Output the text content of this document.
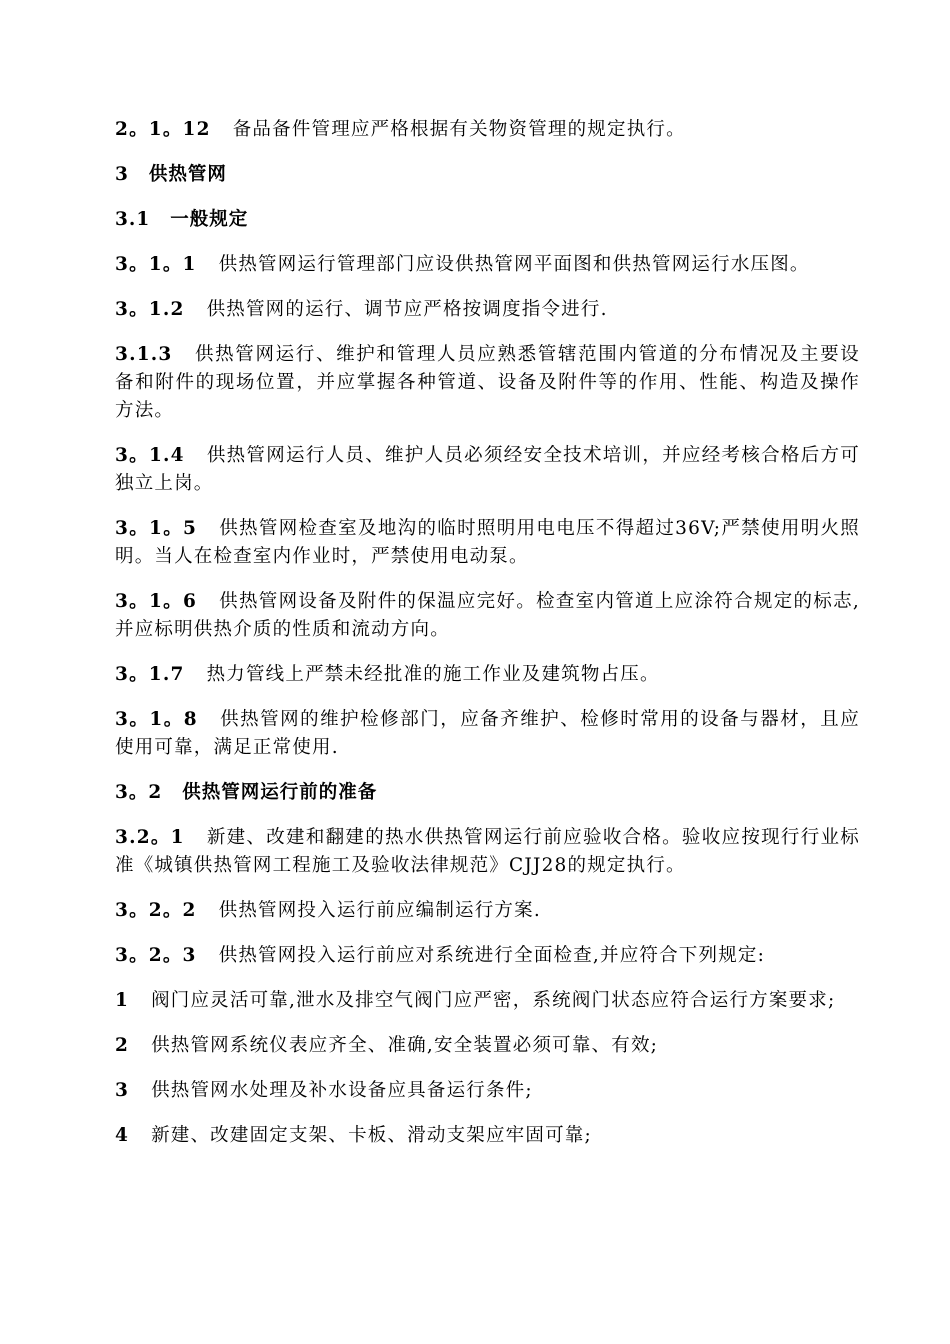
2。1。12 备品备件管理应严格根据有关物资管理的规定执行。

3 供热管网

3.1 一般规定

3。1。1 供热管网运行管理部门应设供热管网平面图和供热管网运行水压图。

3。1.2 供热管网的运行、调节应严格按调度指令进行.

3.1.3 供热管网运行、维护和管理人员应熟悉管辖范围内管道的分布情况及主要设备和附件的现场位置，并应掌握各种管道、设备及附件等的作用、性能、构造及操作方法。

3。1.4 供热管网运行人员、维护人员必须经安全技术培训，并应经考核合格后方可独立上岗。

3。1。5 供热管网检查室及地沟的临时照明用电电压不得超过36V;严禁使用明火照明。当人在检查室内作业时，严禁使用电动泵。

3。1。6 供热管网设备及附件的保温应完好。检查室内管道上应涂符合规定的标志,并应标明供热介质的性质和流动方向。

3。1.7 热力管线上严禁未经批准的施工作业及建筑物占压。

3。1。8 供热管网的维护检修部门，应备齐维护、检修时常用的设备与器材，且应使用可靠，满足正常使用.

3。2 供热管网运行前的准备

3.2。1 新建、改建和翻建的热水供热管网运行前应验收合格。验收应按现行行业标准《城镇供热管网工程施工及验收法律规范》CJJ28的规定执行。

3。2。2 供热管网投入运行前应编制运行方案.

3。2。3 供热管网投入运行前应对系统进行全面检查,并应符合下列规定:

1 阀门应灵活可靠,泄水及排空气阀门应严密，系统阀门状态应符合运行方案要求;

2 供热管网系统仪表应齐全、准确,安全装置必须可靠、有效;

3 供热管网水处理及补水设备应具备运行条件;

4 新建、改建固定支架、卡板、滑动支架应牢固可靠;
